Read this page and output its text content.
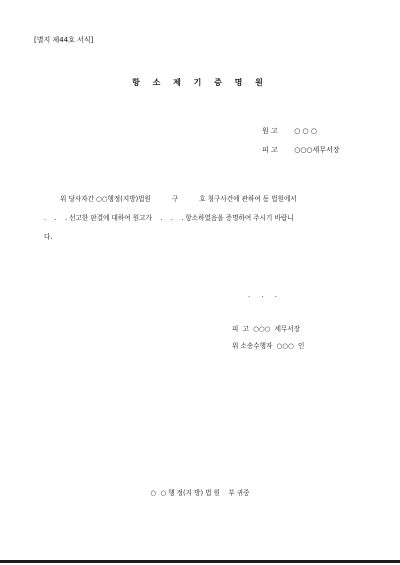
[별지 제44호 서식]
항 소 제 기 증 명 원
원 고 ○ ○ ○
피 고 ○○○세무서장
위 당사자간 ○○행정(지방)법원          구          호 청구사건에 관하여 동 법원에서
.    .    . 선고한 판결에 대하여 원고가    .    .    . 항소하였음을 증명하여 주시기 바랍니
다.
.     .     .
피  고  ○○○  세무서장
위 소송수행자  ○○○  인
○  ○ 행 정(지 방) 법 원    부 귀중
